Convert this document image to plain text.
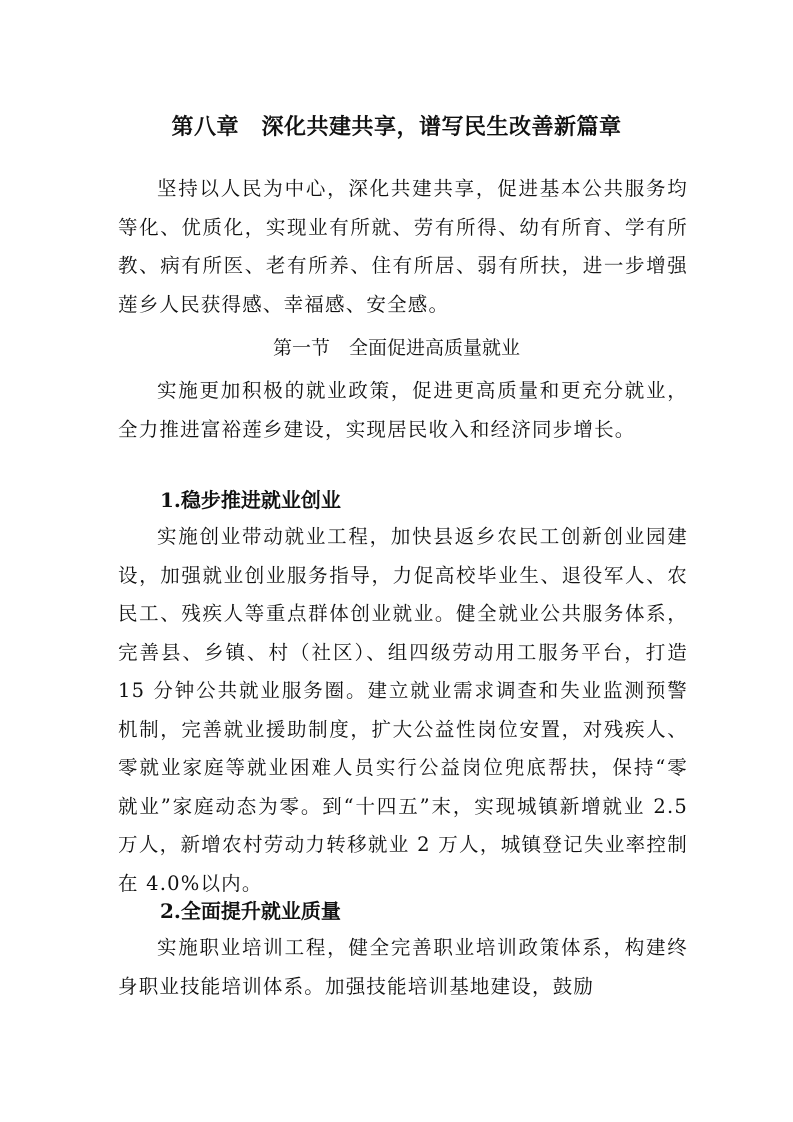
第八章　深化共建共享，谱写民生改善新篇章

坚持以人民为中心，深化共建共享，促进基本公共服务均等化、优质化，实现业有所就、劳有所得、幼有所育、学有所教、病有所医、老有所养、住有所居、弱有所扶，进一步增强莲乡人民获得感、幸福感、安全感。

第一节　全面促进高质量就业

实施更加积极的就业政策，促进更高质量和更充分就业，全力推进富裕莲乡建设，实现居民收入和经济同步增长。

1.稳步推进就业创业

实施创业带动就业工程，加快县返乡农民工创新创业园建设，加强就业创业服务指导，力促高校毕业生、退役军人、农民工、残疾人等重点群体创业就业。健全就业公共服务体系，完善县、乡镇、村（社区）、组四级劳动用工服务平台，打造 15 分钟公共就业服务圈。建立就业需求调查和失业监测预警机制，完善就业援助制度，扩大公益性岗位安置，对残疾人、零就业家庭等就业困难人员实行公益岗位兜底帮扶，保持“零就业”家庭动态为零。到“十四五”末，实现城镇新增就业 2.5 万人，新增农村劳动力转移就业 2 万人，城镇登记失业率控制在 4.0%以内。

2.全面提升就业质量

实施职业培训工程，健全完善职业培训政策体系，构建终身职业技能培训体系。加强技能培训基地建设，鼓励
